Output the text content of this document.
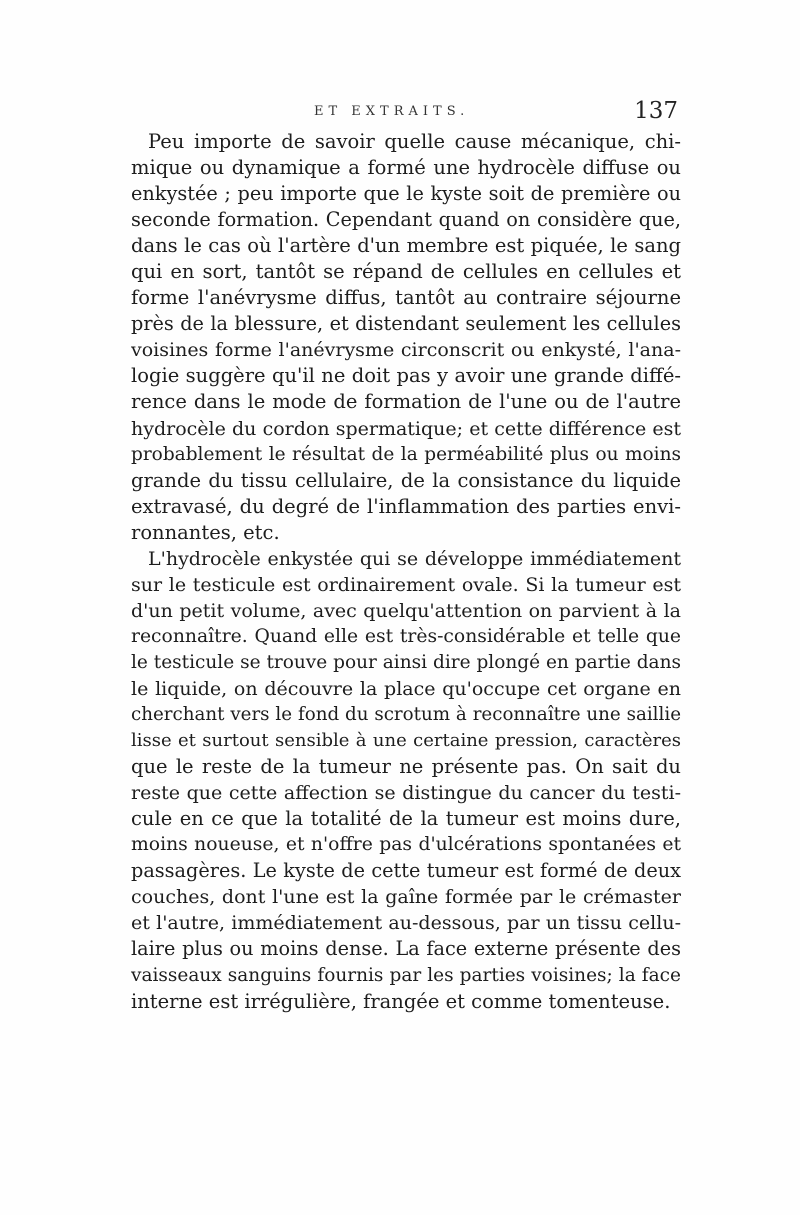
ET EXTRAITS.	137
Peu importe de savoir quelle cause mécanique, chi-
mique ou dynamique a formé une hydrocèle diffuse ou
enkystée ; peu importe que le kyste soit de première ou
seconde formation. Cependant quand on considère que,
dans le cas où l'artère d'un membre est piquée, le sang
qui en sort, tantôt se répand de cellules en cellules et
forme l'anévrysme diffus, tantôt au contraire séjourne
près de la blessure, et distendant seulement les cellules
voisines forme l'anévrysme circonscrit ou enkysté, l'ana-
logie suggère qu'il ne doit pas y avoir une grande diffé-
rence dans le mode de formation de l'une ou de l'autre
hydrocèle du cordon spermatique; et cette différence est
probablement le résultat de la perméabilité plus ou moins
grande du tissu cellulaire, de la consistance du liquide
extravasé, du degré de l'inflammation des parties envi-
ronnantes, etc.
L'hydrocèle enkystée qui se développe immédiatement
sur le testicule est ordinairement ovale. Si la tumeur est
d'un petit volume, avec quelqu'attention on parvient à la
reconnaître. Quand elle est très-considérable et telle que
le testicule se trouve pour ainsi dire plongé en partie dans
le liquide, on découvre la place qu'occupe cet organe en
cherchant vers le fond du scrotum à reconnaître une saillie
lisse et surtout sensible à une certaine pression, caractères
que le reste de la tumeur ne présente pas. On sait du
reste que cette affection se distingue du cancer du testi-
cule en ce que la totalité de la tumeur est moins dure,
moins noueuse, et n'offre pas d'ulcérations spontanées et
passagères. Le kyste de cette tumeur est formé de deux
couches, dont l'une est la gaîne formée par le crémaster
et l'autre, immédiatement au-dessous, par un tissu cellu-
laire plus ou moins dense. La face externe présente des
vaisseaux sanguins fournis par les parties voisines; la face
interne est irrégulière, frangée et comme tomenteuse.
